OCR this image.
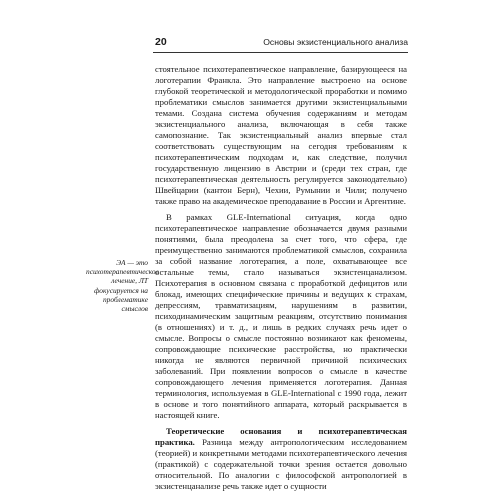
20	Основы экзистенциального анализа

стоятельное психотерапевтическое направление, базирующееся на логотерапии Франкла. Это направление выстроено на основе глубокой теоретической и методологической проработки и помимо проблематики смыслов занимается другими экзистенциальными темами. Создана система обучения содержаниям и методам экзистенциального анализа, включающая в себя также самопознание. Так экзистенциальный анализ впервые стал соответствовать существующим на сегодня требованиям к психотерапевтическим подходам и, как следствие, получил государственную лицензию в Австрии и (среди тех стран, где психотерапевтическая деятельность регулируется законодательно) Швейцарии (кантон Берн), Чехии, Румынии и Чили; получено также право на академическое преподавание в России и Аргентине.

В рамках GLE-International ситуация, когда одно психотерапевтическое направление обозначается двумя разными понятиями, была преодолена за счет того, что сфера, где преимущественно занимаются проблематикой смыслов, сохранила за собой название логотерапия, а поле, охватывающее все остальные темы, стало называться экзистенцанализом. Психотерапия в основном связана с проработкой дефицитов или блокад, имеющих специфические причины и ведущих к страхам, депрессиям, травматизациям, нарушениям в развитии, психодинамическим защитным реакциям, отсутствию понимания (в отношениях) и т. д., и лишь в редких случаях речь идет о смысле. Вопросы о смысле постоянно возникают как феномены, сопровождающие психические расстройства, но практически никогда не являются первичной причиной психических заболеваний. При появлении вопросов о смысле в качестве сопровождающего лечения применяется логотерапия. Данная терминология, используемая в GLE-International с 1990 года, лежит в основе и того понятийного аппарата, который раскрывается в настоящей книге.

Теоретические основания и психотерапевтическая практика. Разница между антропологическим исследованием (теорией) и конкретными методами психотерапевтического лечения (практикой) с содержательной точки зрения остается довольно относительной. По аналогии с философской антропологией в экзистенцанализе речь также идет о сущности

ЭА — это психотерапевтическое лечение, ЛТ фокусируется на проблематике смыслов
